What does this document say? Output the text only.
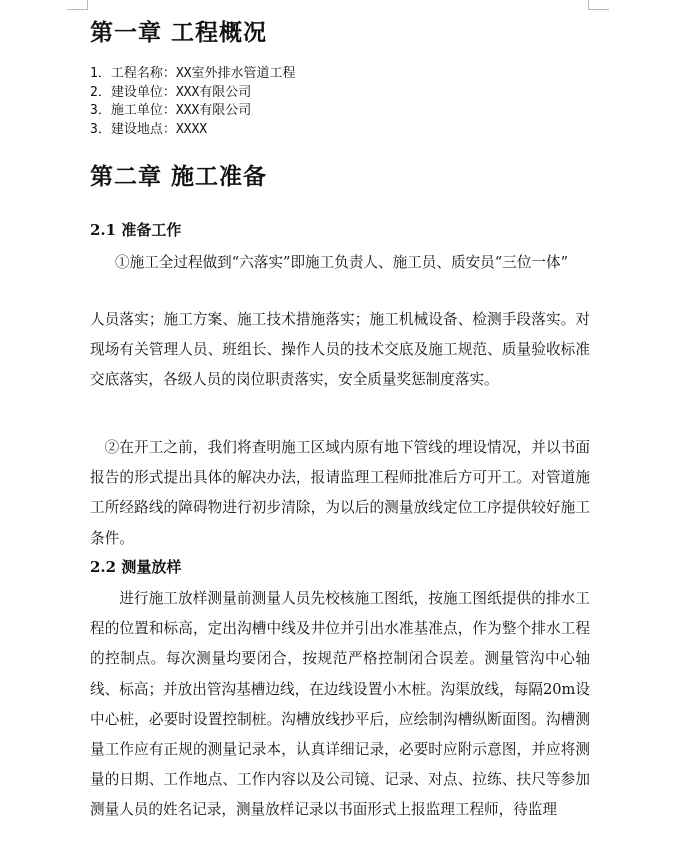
第一章 工程概况
1．工程名称：XX室外排水管道工程
2．建设单位：XXX有限公司
3．施工单位：XXX有限公司
3．建设地点：XXXX
第二章 施工准备
2.1 准备工作

①施工全过程做到“六落实”即施工负责人、施工员、质安员“三位一体”

人员落实；施工方案、施工技术措施落实；施工机械设备、检测手段落实。对现场有关管理人员、班组长、操作人员的技术交底及施工规范、质量验收标准交底落实，各级人员的岗位职责落实，安全质量奖惩制度落实。

②在开工之前，我们将查明施工区域内原有地下管线的埋设情况，并以书面报告的形式提出具体的解决办法，报请监理工程师批准后方可开工。对管道施工所经路线的障碍物进行初步清除，为以后的测量放线定位工序提供较好施工条件。

2.2 测量放样

进行施工放样测量前测量人员先校核施工图纸，按施工图纸提供的排水工程的位置和标高，定出沟槽中线及井位并引出水准基准点，作为整个排水工程的控制点。每次测量均要闭合，按规范严格控制闭合误差。测量管沟中心轴线、标高；并放出管沟基槽边线，在边线设置小木桩。沟渠放线，每隔20m设中心桩，必要时设置控制桩。沟槽放线抄平后，应绘制沟槽纵断面图。沟槽测量工作应有正规的测量记录本，认真详细记录，必要时应附示意图，并应将测量的日期、工作地点、工作内容以及公司镜、记录、对点、拉练、扶尺等参加测量人员的姓名记录，测量放样记录以书面形式上报监理工程师，待监理
